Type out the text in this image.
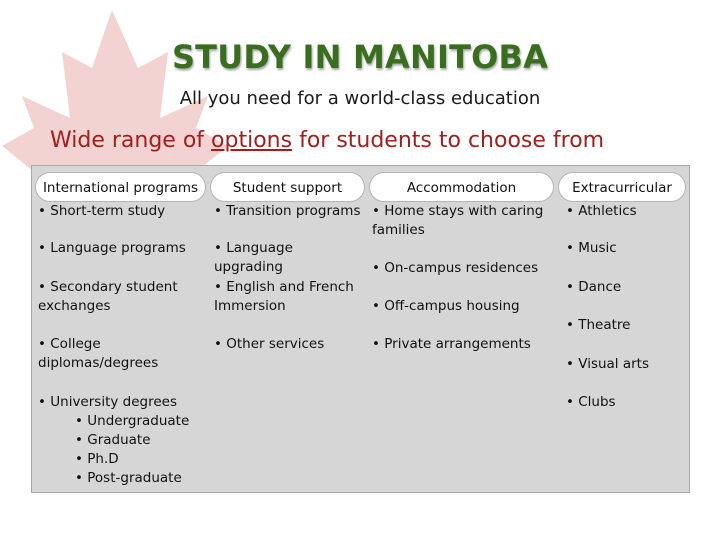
STUDY IN MANITOBA
All you need for a world-class education
Wide range of options for students to choose from
International programs	Student support	Accommodation	Extracurricular
• Short-term study
• Language programs
• Secondary student exchanges
• College diplomas/degrees
• University degrees
• Undergraduate
• Graduate
• Ph.D
• Post-graduate
• Transition programs
• Language upgrading
• English and French Immersion
• Other services
• Home stays with caring families
• On-campus residences
• Off-campus housing
• Private arrangements
• Athletics
• Music
• Dance
• Theatre
• Visual arts
• Clubs
